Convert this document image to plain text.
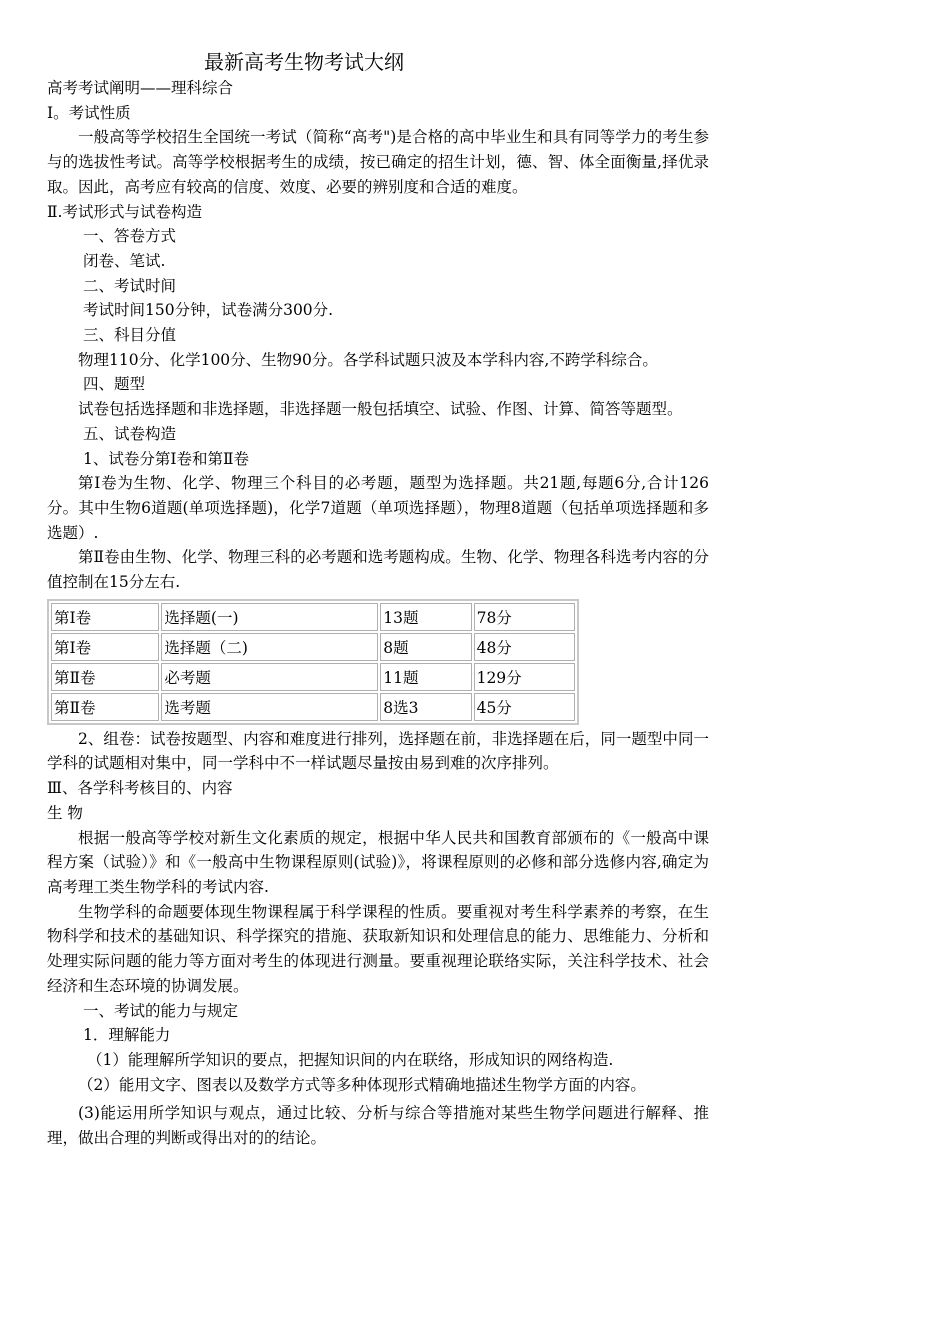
最新高考生物考试大纲

高考考试阐明——理科综合

Ⅰ。考试性质

一般高等学校招生全国统一考试（简称“高考")是合格的高中毕业生和具有同等学力的考生参与的选拔性考试。高等学校根据考生的成绩，按已确定的招生计划，德、智、体全面衡量,择优录取。因此，高考应有较高的信度、效度、必要的辨别度和合适的难度。

Ⅱ.考试形式与试卷构造

一、答卷方式

闭卷、笔试.

二、考试时间

考试时间150分钟，试卷满分300分.

三、科目分值

物理110分、化学100分、生物90分。各学科试题只波及本学科内容,不跨学科综合。

四、题型

试卷包括选择题和非选择题，非选择题一般包括填空、试验、作图、计算、简答等题型。

五、试卷构造

1、试卷分第Ⅰ卷和第Ⅱ卷

第Ⅰ卷为生物、化学、物理三个科目的必考题，题型为选择题。共21题,每题6分,合计126分。其中生物6道题(单项选择题)，化学7道题（单项选择题），物理8道题（包括单项选择题和多选题）.

第Ⅱ卷由生物、化学、物理三科的必考题和选考题构成。生物、化学、物理各科选考内容的分值控制在15分左右.

第Ⅰ卷	选择题(一)	13题	78分
第Ⅰ卷	选择题（二)	8题	48分
第Ⅱ卷	必考题	11题	129分
第Ⅱ卷	选考题	8选3	45分

2、组卷：试卷按题型、内容和难度进行排列，选择题在前，非选择题在后，同一题型中同一学科的试题相对集中，同一学科中不一样试题尽量按由易到难的次序排列。

Ⅲ、各学科考核目的、内容

生 物

根据一般高等学校对新生文化素质的规定，根据中华人民共和国教育部颁布的《一般高中课程方案（试验）》和《一般高中生物课程原则(试验)》，将课程原则的必修和部分选修内容,确定为高考理工类生物学科的考试内容.

生物学科的命题要体现生物课程属于科学课程的性质。要重视对考生科学素养的考察，在生物科学和技术的基础知识、科学探究的措施、获取新知识和处理信息的能力、思维能力、分析和处理实际问题的能力等方面对考生的体现进行测量。要重视理论联络实际，关注科学技术、社会经济和生态环境的协调发展。

一、考试的能力与规定

1．理解能力

（1）能理解所学知识的要点，把握知识间的内在联络，形成知识的网络构造.

（2）能用文字、图表以及数学方式等多种体现形式精确地描述生物学方面的内容。

(3)能运用所学知识与观点，通过比较、分析与综合等措施对某些生物学问题进行解释、推理，做出合理的判断或得出对的的结论。
